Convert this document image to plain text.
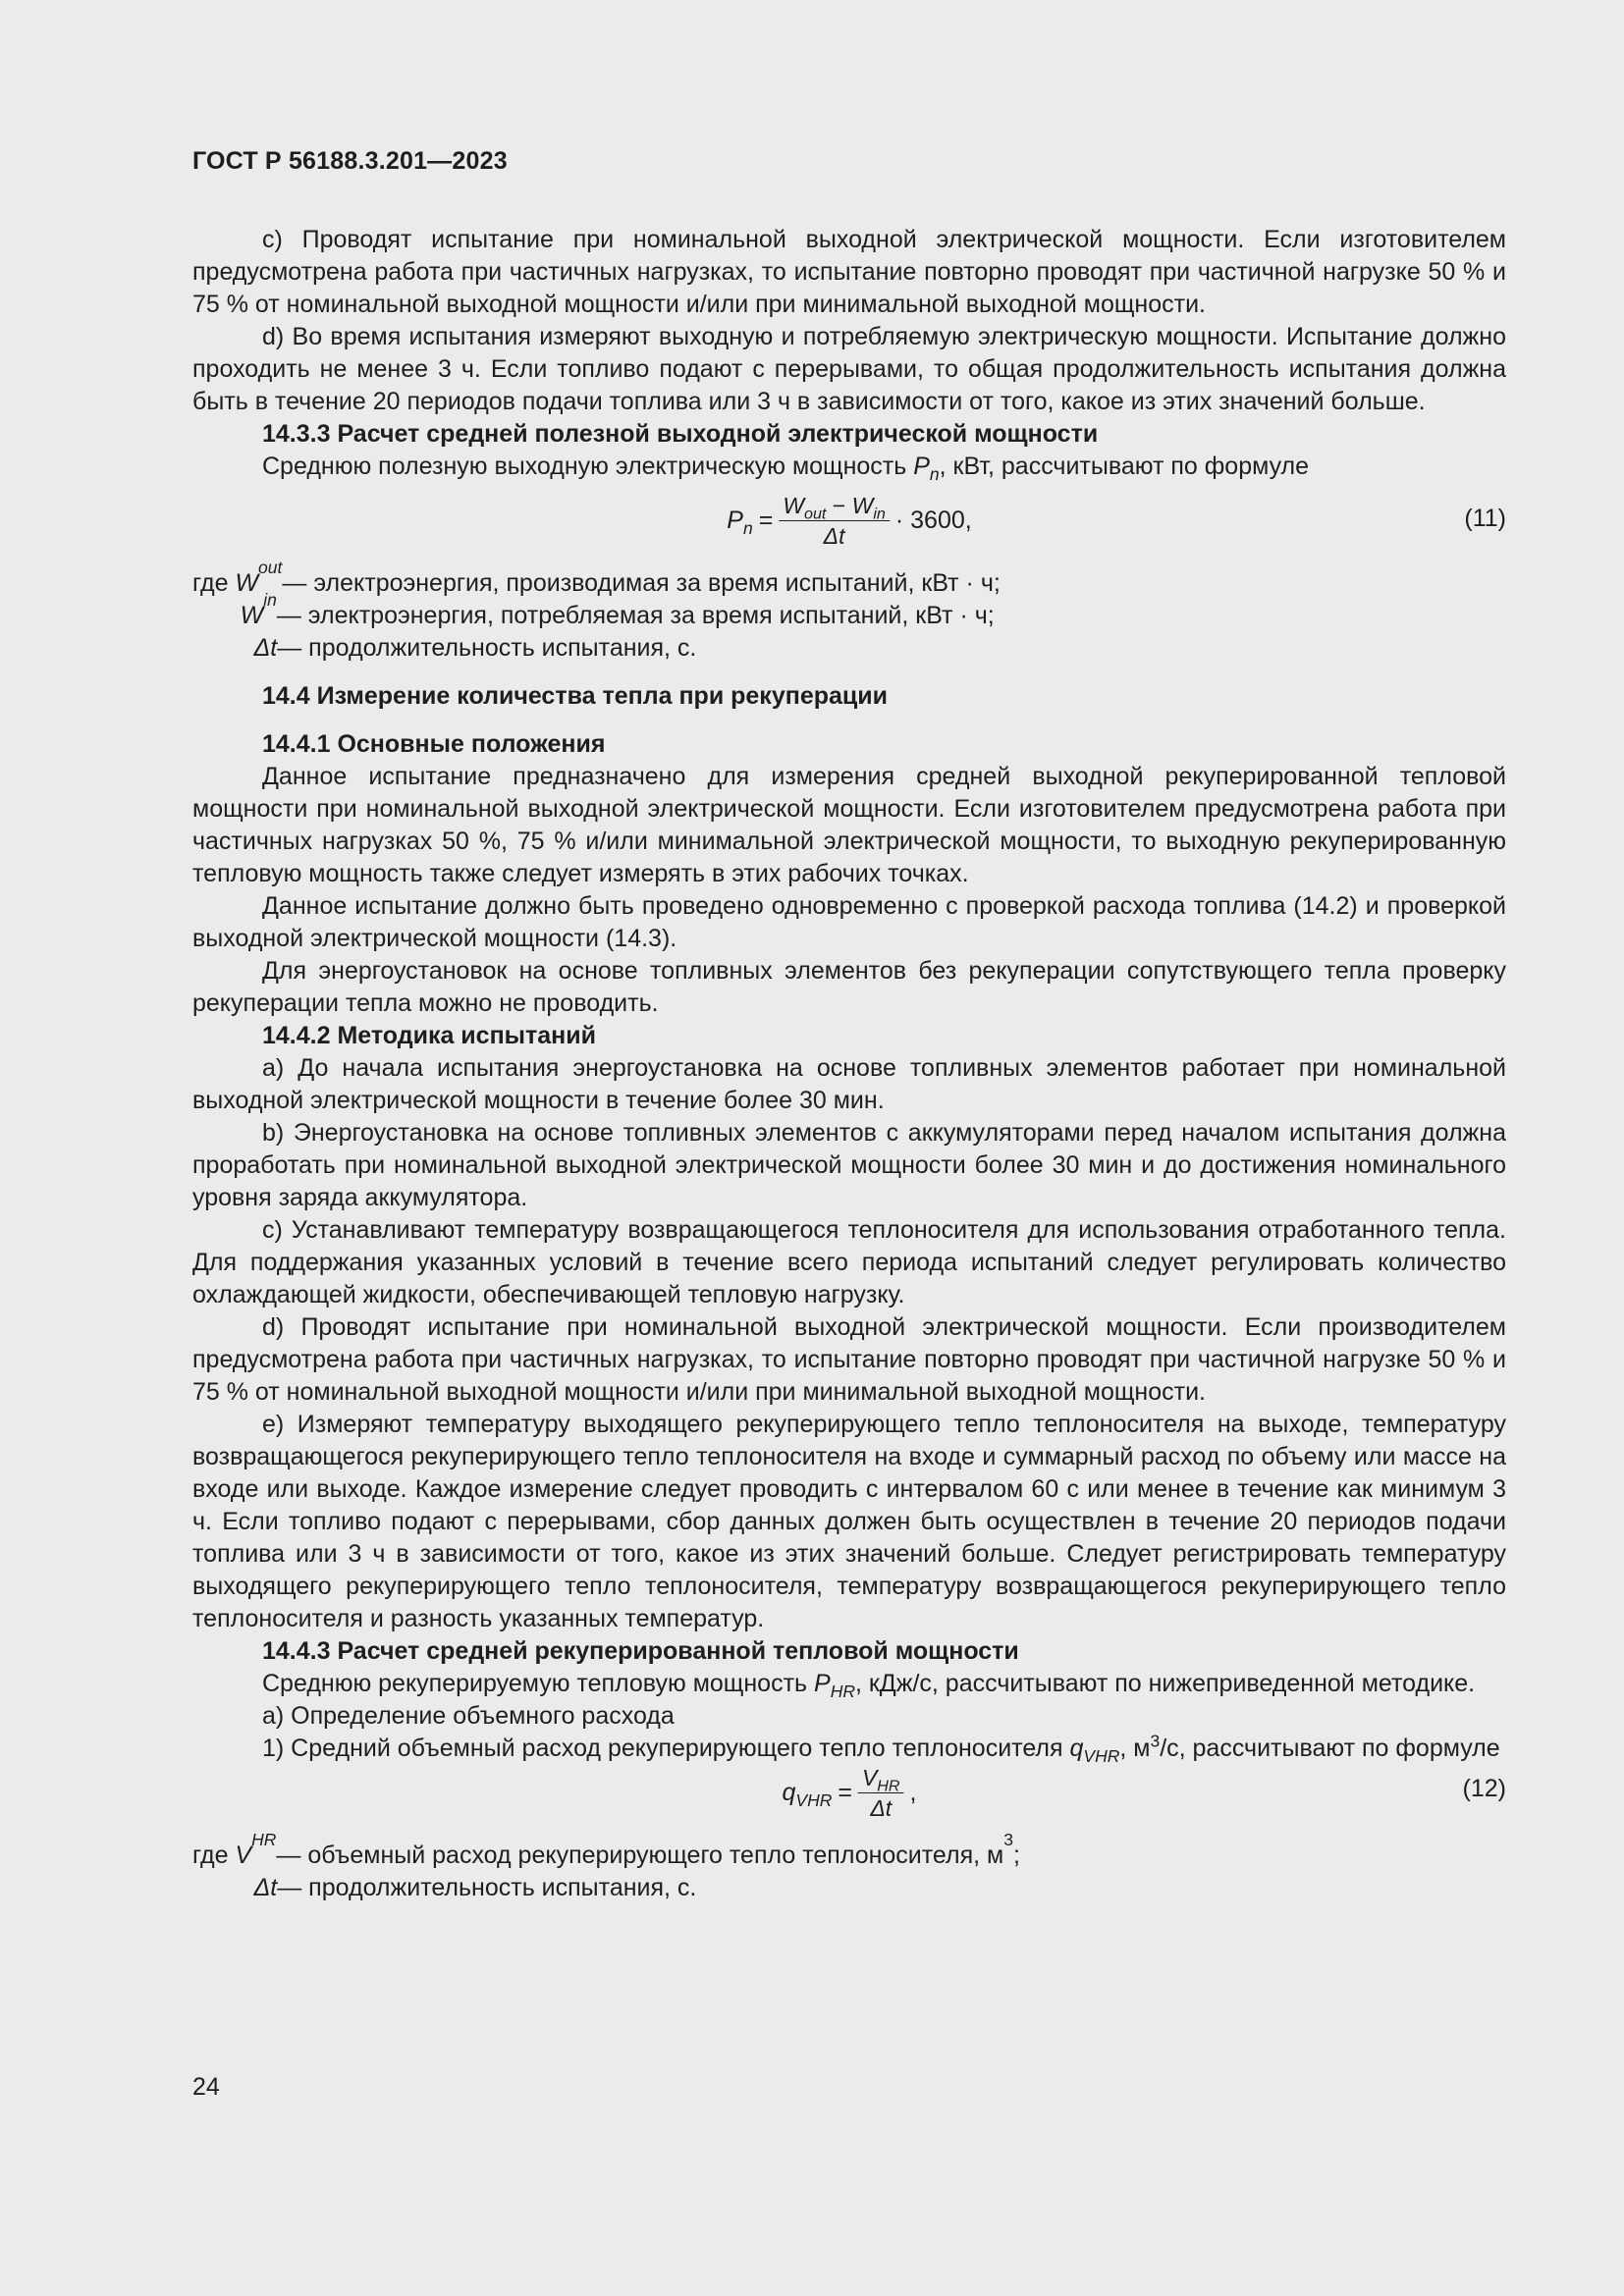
ГОСТ Р 56188.3.201—2023

c) Проводят испытание при номинальной выходной электрической мощности. Если изготовителем предусмотрена работа при частичных нагрузках, то испытание повторно проводят при частичной нагрузке 50 % и 75 % от номинальной выходной мощности и/или при минимальной выходной мощности.

d) Во время испытания измеряют выходную и потребляемую электрическую мощности. Испытание должно проходить не менее 3 ч. Если топливо подают с перерывами, то общая продолжительность испытания должна быть в течение 20 периодов подачи топлива или 3 ч в зависимости от того, какое из этих значений больше.

14.3.3 Расчет средней полезной выходной электрической мощности

Среднюю полезную выходную электрическую мощность $P_n$, кВт, рассчитывают по формуле

$P_n = \frac{W_{out} - W_{in}}{\Delta t} \cdot 3600$,	(11)
где W
out
— электроэнергия, производимая за время испытаний, кВт · ч;

W
in
— электроэнергия, потребляемая за время испытаний, кВт · ч;

Δt — продолжительность испытания, с.

14.4 Измерение количества тепла при рекуперации

14.4.1 Основные положения

Данное испытание предназначено для измерения средней выходной рекуперированной тепловой мощности при номинальной выходной электрической мощности. Если изготовителем предусмотрена работа при частичных нагрузках 50 %, 75 % и/или минимальной электрической мощности, то выходную рекуперированную тепловую мощность также следует измерять в этих рабочих точках.

Данное испытание должно быть проведено одновременно с проверкой расхода топлива (14.2) и проверкой выходной электрической мощности (14.3).

Для энергоустановок на основе топливных элементов без рекуперации сопутствующего тепла проверку рекуперации тепла можно не проводить.

14.4.2 Методика испытаний

a) До начала испытания энергоустановка на основе топливных элементов работает при номинальной выходной электрической мощности в течение более 30 мин.

b) Энергоустановка на основе топливных элементов с аккумуляторами перед началом испытания должна проработать при номинальной выходной электрической мощности более 30 мин и до достижения номинального уровня заряда аккумулятора.

c) Устанавливают температуру возвращающегося теплоносителя для использования отработанного тепла. Для поддержания указанных условий в течение всего периода испытаний следует регулировать количество охлаждающей жидкости, обеспечивающей тепловую нагрузку.

d) Проводят испытание при номинальной выходной электрической мощности. Если производителем предусмотрена работа при частичных нагрузках, то испытание повторно проводят при частичной нагрузке 50 % и 75 % от номинальной выходной мощности и/или при минимальной выходной мощности.

e) Измеряют температуру выходящего рекуперирующего тепло теплоносителя на выходе, температуру возвращающегося рекуперирующего тепло теплоносителя на входе и суммарный расход по объему или массе на входе или выходе. Каждое измерение следует проводить с интервалом 60 с или менее в течение как минимум 3 ч. Если топливо подают с перерывами, сбор данных должен быть осуществлен в течение 20 периодов подачи топлива или 3 ч в зависимости от того, какое из этих значений больше. Следует регистрировать температуру выходящего рекуперирующего тепло теплоносителя, температуру возвращающегося рекуперирующего тепло теплоносителя и разность указанных температур.

14.4.3 Расчет средней рекуперированной тепловой мощности

Среднюю рекуперируемую тепловую мощность $P_{HR}$, кДж/с, рассчитывают по нижеприведенной методике.

a) Определение объемного расхода

1) Средний объемный расход рекуперирующего тепло теплоносителя $q_{VHR}$, $м^3/с$, рассчитывают по формуле

$q_{VHR} = \frac{V_{HR}}{\Delta t}$ ,	(12)
где V
HR
— объемный расход рекуперирующего тепло теплоносителя, м
3
;

Δt — продолжительность испытания, с.
24
